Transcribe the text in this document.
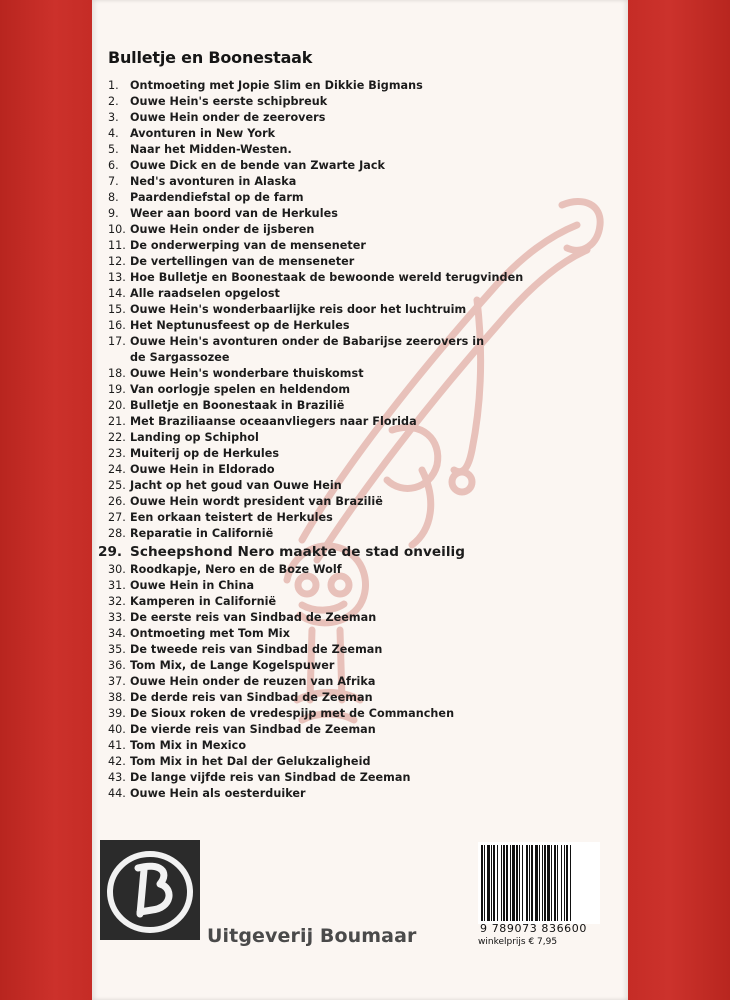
Bulletje en Boonestaak
1.	Ontmoeting met Jopie Slim en Dikkie Bigmans
2.	Ouwe Hein's eerste schipbreuk
3.	Ouwe Hein onder de zeerovers
4.	Avonturen in New York
5.	Naar het Midden-Westen.
6.	Ouwe Dick en de bende van Zwarte Jack
7.	Ned's avonturen in Alaska
8.	Paardendiefstal op de farm
9.	Weer aan boord van de Herkules
10. Ouwe Hein onder de ijsberen
11. De onderwerping van de menseneter
12. De vertellingen van de menseneter
13. Hoe Bulletje en Boonestaak de bewoonde wereld terugvinden
14. Alle raadselen opgelost
15. Ouwe Hein's wonderbaarlijke reis door het luchtruim
16. Het Neptunusfeest op de Herkules
17. Ouwe Hein's avonturen onder de Babarijse zeerovers in de Sargassozee
18. Ouwe Hein's wonderbare thuiskomst
19. Van oorlogje spelen en heldendom
20. Bulletje en Boonestaak in Brazilië
21. Met Braziliaanse oceaanvliegers naar Florida
22. Landing op Schiphol
23. Muiterij op de Herkules
24. Ouwe Hein in Eldorado
25. Jacht op het goud van Ouwe Hein
26. Ouwe Hein wordt president van Brazilië
27. Een orkaan teistert de Herkules
28. Reparatie in Californië
29. Scheepshond Nero maakte de stad onveilig
30. Roodkapje, Nero en de Boze Wolf
31. Ouwe Hein in China
32. Kamperen in Californië
33. De eerste reis van Sindbad de Zeeman
34. Ontmoeting met Tom Mix
35. De tweede reis van Sindbad de Zeeman
36. Tom Mix, de Lange Kogelspuwer
37. Ouwe Hein onder de reuzen van Afrika
38. De derde reis van Sindbad de Zeeman
39. De Sioux roken de vredespijp met de Commanchen
40. De vierde reis van Sindbad de Zeeman
41. Tom Mix in Mexico
42. Tom Mix in het Dal der Gelukzaligheid
43. De lange vijfde reis van Sindbad de Zeeman
44. Ouwe Hein als oesterduiker
Uitgeverij Boumaar	9 789073 836600
winkelprijs € 7,95
